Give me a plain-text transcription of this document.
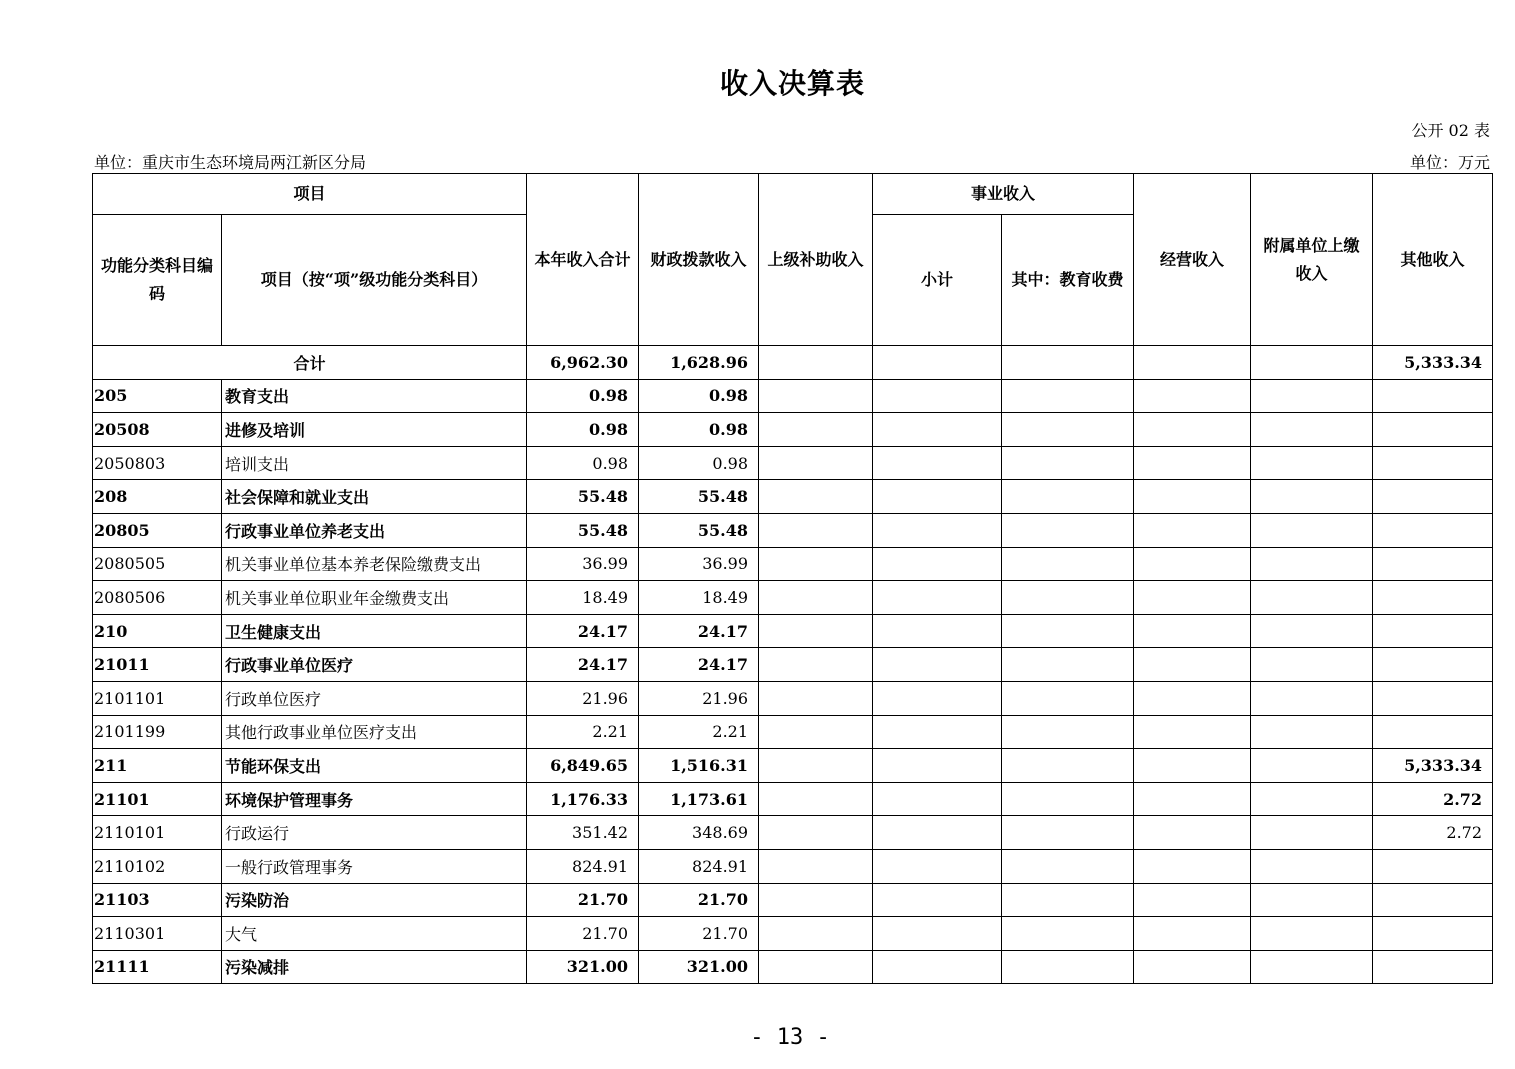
收入决算表
公开 02 表
单位：重庆市生态环境局两江新区分局	单位：万元
项目		本年收入合计	财政拨款收入	上级补助收入	事业收入		经营收入	附属单位上缴收入	其他收入
功能分类科目编码	项目（按“项”级功能分类科目）				小计	其中：教育收费			
合计		6,962.30	1,628.96						5,333.34
205	教育支出	0.98	0.98						
20508	进修及培训	0.98	0.98						
2050803	培训支出	0.98	0.98						
208	社会保障和就业支出	55.48	55.48						
20805	行政事业单位养老支出	55.48	55.48						
2080505	机关事业单位基本养老保险缴费支出	36.99	36.99						
2080506	机关事业单位职业年金缴费支出	18.49	18.49						
210	卫生健康支出	24.17	24.17						
21011	行政事业单位医疗	24.17	24.17						
2101101	行政单位医疗	21.96	21.96						
2101199	其他行政事业单位医疗支出	2.21	2.21						
211	节能环保支出	6,849.65	1,516.31						5,333.34
21101	环境保护管理事务	1,176.33	1,173.61						2.72
2110101	行政运行	351.42	348.69						2.72
2110102	一般行政管理事务	824.91	824.91						
21103	污染防治	21.70	21.70						
2110301	大气	21.70	21.70						
21111	污染减排	321.00	321.00						
- 13 -
